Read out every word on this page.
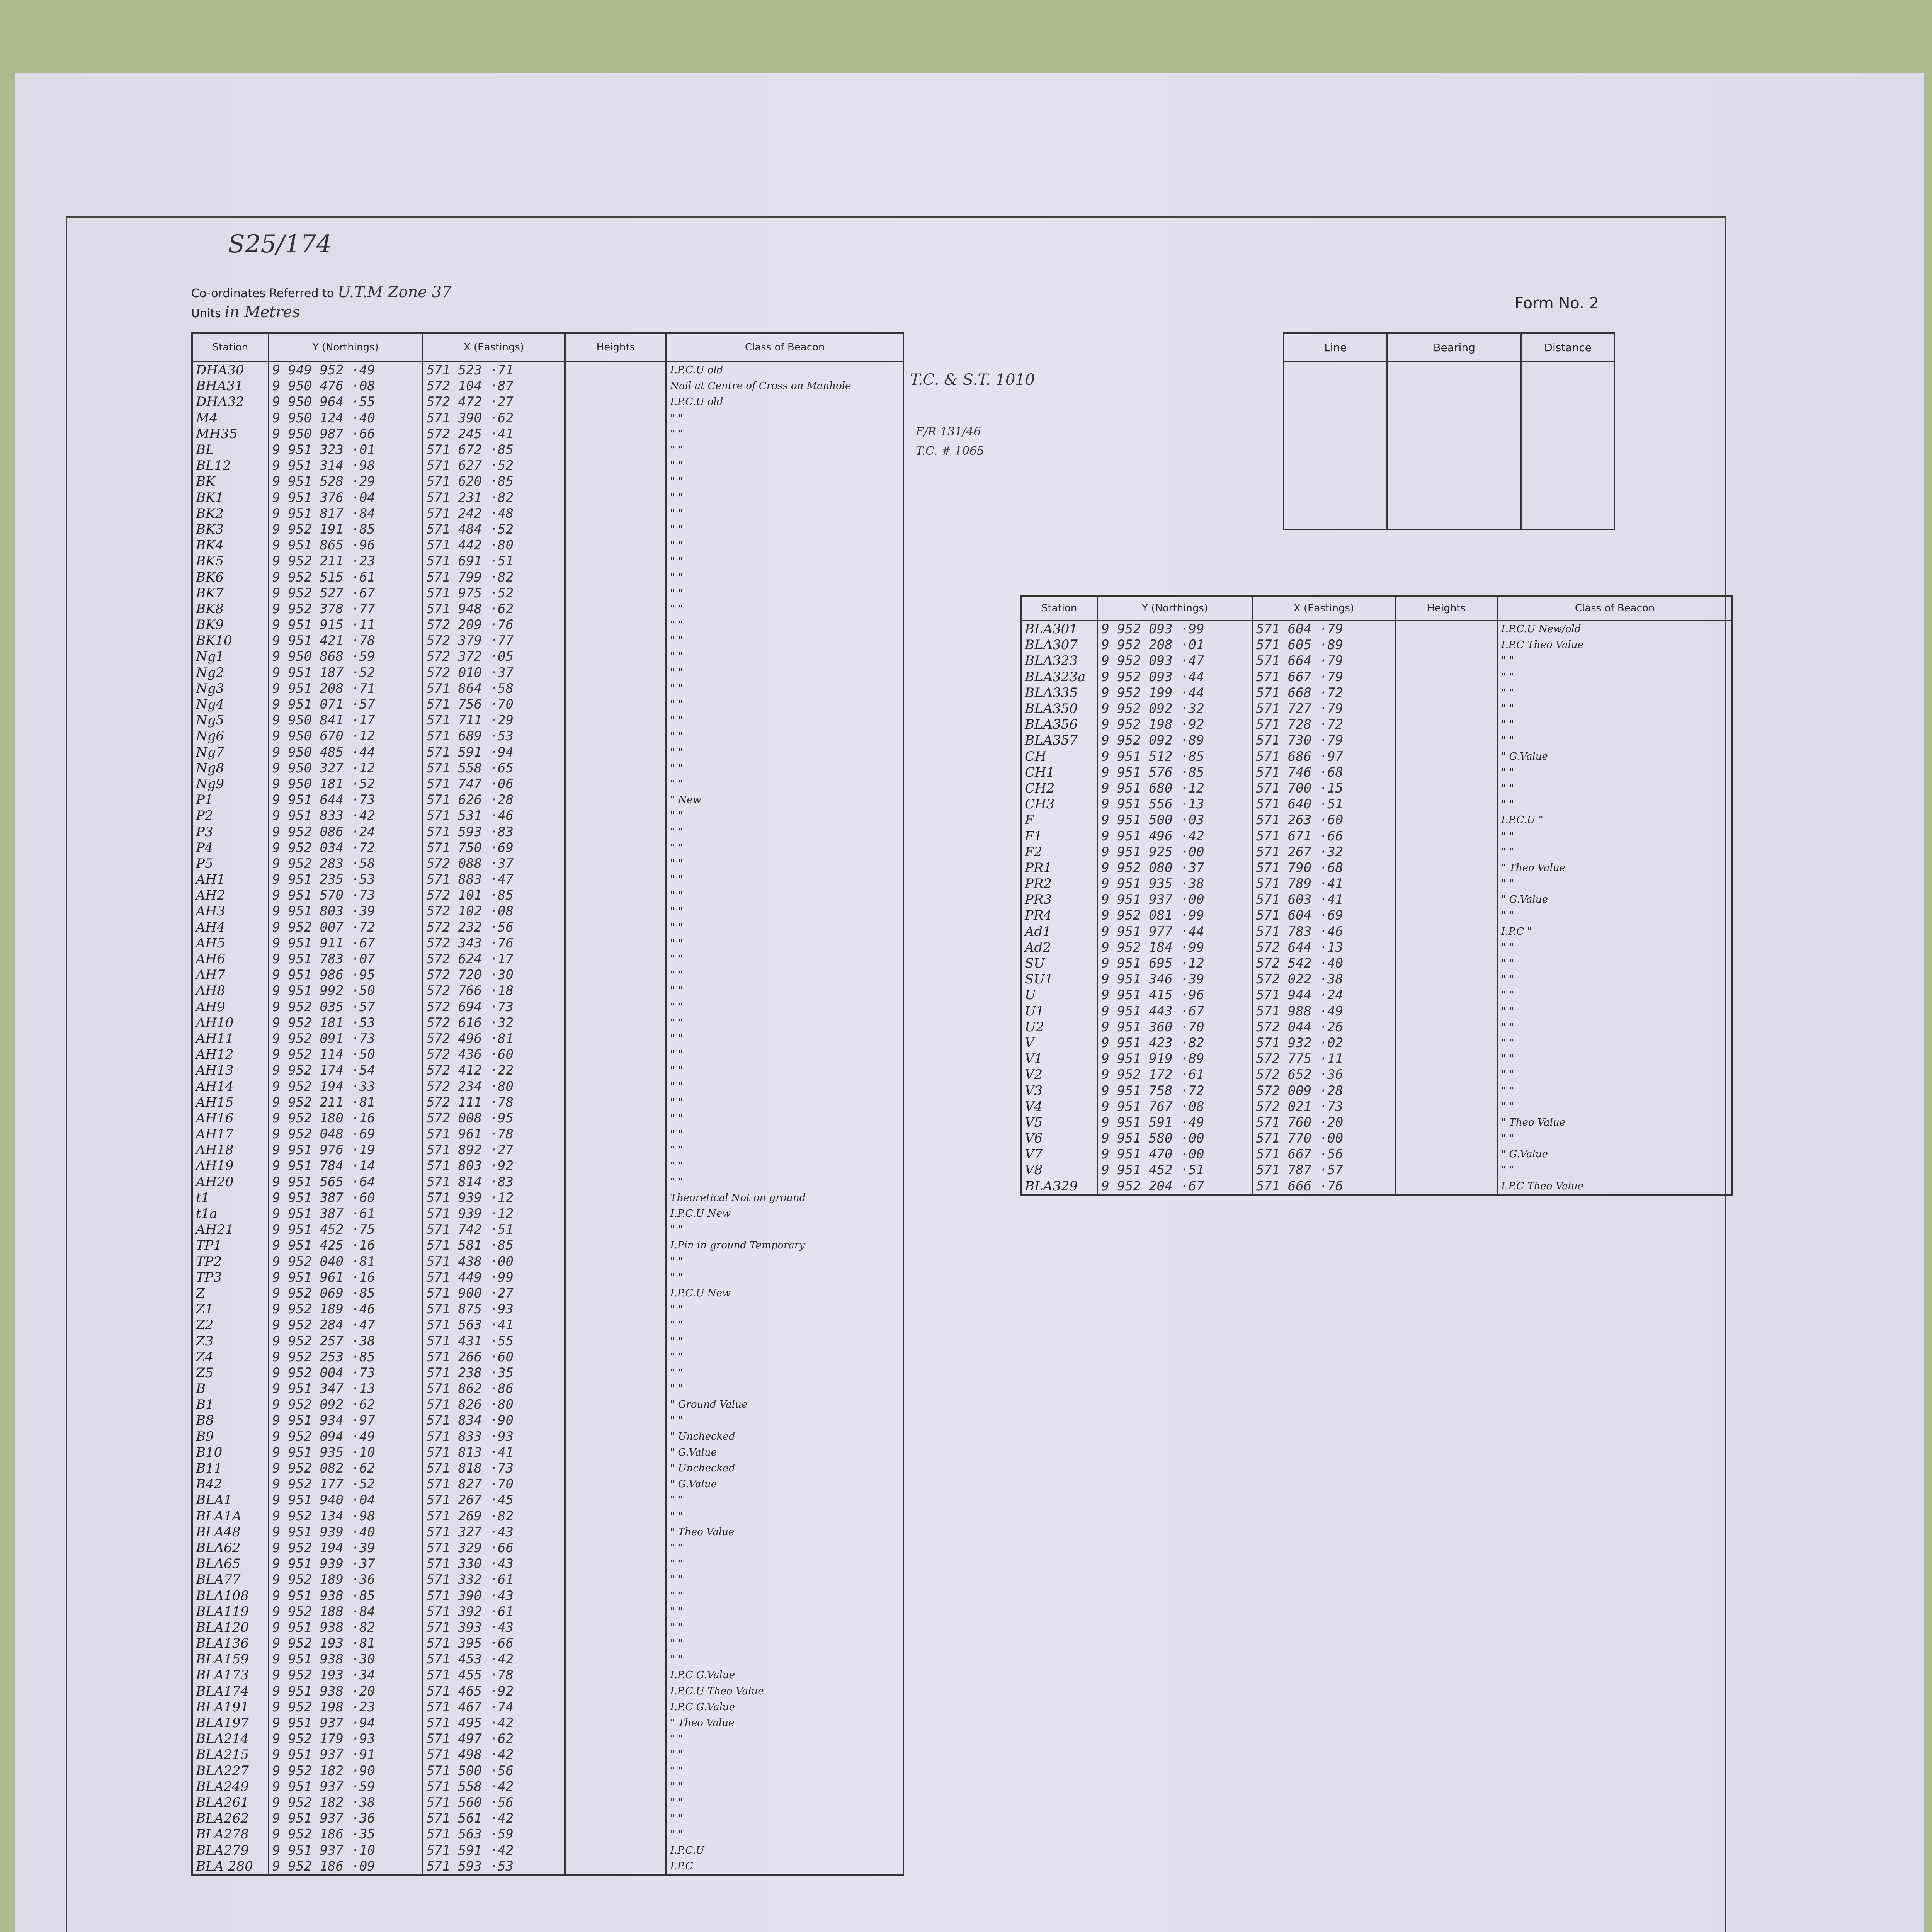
S25/174
Co-ordinates Referred to U.T.M Zone 37
Units in Metres	Form No. 2
Station	Y (Northings)	X (Eastings)	Heights	Class of Beacon
DHA30	9 949 952 ·49	571 523 ·71		I.P.C.U old
BHA31	9 950 476 ·08	572 104 ·87		Nail at Centre of Cross on Manhole
DHA32	9 950 964 ·55	572 472 ·27		I.P.C.U old
M4	9 950 124 ·40	571 390 ·62		" "
MH35	9 950 987 ·66	572 245 ·41		" "
BL	9 951 323 ·01	571 672 ·85		" "
BL12	9 951 314 ·98	571 627 ·52		" "
BK	9 951 528 ·29	571 620 ·85		" "
BK1	9 951 376 ·04	571 231 ·82		" "
BK2	9 951 817 ·84	571 242 ·48		" "
BK3	9 952 191 ·85	571 484 ·52		" "
BK4	9 951 865 ·96	571 442 ·80		" "
BK5	9 952 211 ·23	571 691 ·51		" "
BK6	9 952 515 ·61	571 799 ·82		" "
BK7	9 952 527 ·67	571 975 ·52		" "
BK8	9 952 378 ·77	571 948 ·62		" "
BK9	9 951 915 ·11	572 209 ·76		" "
BK10	9 951 421 ·78	572 379 ·77		" "
Ng1	9 950 868 ·59	572 372 ·05		" "
Ng2	9 951 187 ·52	572 010 ·37		" "
Ng3	9 951 208 ·71	571 864 ·58		" "
Ng4	9 951 071 ·57	571 756 ·70		" "
Ng5	9 950 841 ·17	571 711 ·29		" "
Ng6	9 950 670 ·12	571 689 ·53		" "
Ng7	9 950 485 ·44	571 591 ·94		" "
Ng8	9 950 327 ·12	571 558 ·65		" "
Ng9	9 950 181 ·52	571 747 ·06		" "
P1	9 951 644 ·73	571 626 ·28		" New
P2	9 951 833 ·42	571 531 ·46		" "
P3	9 952 086 ·24	571 593 ·83		" "
P4	9 952 034 ·72	571 750 ·69		" "
P5	9 952 283 ·58	572 088 ·37		" "
AH1	9 951 235 ·53	571 883 ·47		" "
AH2	9 951 570 ·73	572 101 ·85		" "
AH3	9 951 803 ·39	572 102 ·08		" "
AH4	9 952 007 ·72	572 232 ·56		" "
AH5	9 951 911 ·67	572 343 ·76		" "
AH6	9 951 783 ·07	572 624 ·17		" "
AH7	9 951 986 ·95	572 720 ·30		" "
AH8	9 951 992 ·50	572 766 ·18		" "
AH9	9 952 035 ·57	572 694 ·73		" "
AH10	9 952 181 ·53	572 616 ·32		" "
AH11	9 952 091 ·73	572 496 ·81		" "
AH12	9 952 114 ·50	572 436 ·60		" "
AH13	9 952 174 ·54	572 412 ·22		" "
AH14	9 952 194 ·33	572 234 ·80		" "
AH15	9 952 211 ·81	572 111 ·78		" "
AH16	9 952 180 ·16	572 008 ·95		" "
AH17	9 952 048 ·69	571 961 ·78		" "
AH18	9 951 976 ·19	571 892 ·27		" "
AH19	9 951 784 ·14	571 803 ·92		" "
AH20	9 951 565 ·64	571 814 ·83		" "
t1	9 951 387 ·60	571 939 ·12		Theoretical Not on ground
t1a	9 951 387 ·61	571 939 ·12		I.P.C.U New
AH21	9 951 452 ·75	571 742 ·51		" "
TP1	9 951 425 ·16	571 581 ·85		I.Pin in ground Temporary
TP2	9 952 040 ·81	571 438 ·00		" "
TP3	9 951 961 ·16	571 449 ·99		" "
Z	9 952 069 ·85	571 900 ·27		I.P.C.U New
Z1	9 952 189 ·46	571 875 ·93		" "
Z2	9 952 284 ·47	571 563 ·41		" "
Z3	9 952 257 ·38	571 431 ·55		" "
Z4	9 952 253 ·85	571 266 ·60		" "
Z5	9 952 004 ·73	571 238 ·35		" "
B	9 951 347 ·13	571 862 ·86		" "
B1	9 952 092 ·62	571 826 ·80		" Ground Value
B8	9 951 934 ·97	571 834 ·90		" "
B9	9 952 094 ·49	571 833 ·93		" Unchecked
B10	9 951 935 ·10	571 813 ·41		" G.Value
B11	9 952 082 ·62	571 818 ·73		" Unchecked
B42	9 952 177 ·52	571 827 ·70		" G.Value
BLA1	9 951 940 ·04	571 267 ·45		" "
BLA1A	9 952 134 ·98	571 269 ·82		" "
BLA48	9 951 939 ·40	571 327 ·43		" Theo Value
BLA62	9 952 194 ·39	571 329 ·66		" "
BLA65	9 951 939 ·37	571 330 ·43		" "
BLA77	9 952 189 ·36	571 332 ·61		" "
BLA108	9 951 938 ·85	571 390 ·43		" "
BLA119	9 952 188 ·84	571 392 ·61		" "
BLA120	9 951 938 ·82	571 393 ·43		" "
BLA136	9 952 193 ·81	571 395 ·66		" "
BLA159	9 951 938 ·30	571 453 ·42		" "
BLA173	9 952 193 ·34	571 455 ·78		I.P.C G.Value
BLA174	9 951 938 ·20	571 465 ·92		I.P.C.U Theo Value
BLA191	9 952 198 ·23	571 467 ·74		I.P.C G.Value
BLA197	9 951 937 ·94	571 495 ·42		" Theo Value
BLA214	9 952 179 ·93	571 497 ·62		" "
BLA215	9 951 937 ·91	571 498 ·42		" "
BLA227	9 952 182 ·90	571 500 ·56		" "
BLA249	9 951 937 ·59	571 558 ·42		" "
BLA261	9 952 182 ·38	571 560 ·56		" "
BLA262	9 951 937 ·36	571 561 ·42		" "
BLA278	9 952 186 ·35	571 563 ·59		" "
BLA279	9 951 937 ·10	571 591 ·42		I.P.C.U
BLA 280	9 952 186 ·09	571 593 ·53		I.P.C
T.C. & S.T. 1010
F/R 131/46
T.C. # 1065
Line	Bearing	Distance

Station	Y (Northings)	X (Eastings)	Heights	Class of Beacon
BLA301	9 952 093 ·99	571 604 ·79		I.P.C.U New/old
BLA307	9 952 208 ·01	571 605 ·89		I.P.C Theo Value
BLA323	9 952 093 ·47	571 664 ·79		" "
BLA323a	9 952 093 ·44	571 667 ·79		" "
BLA335	9 952 199 ·44	571 668 ·72		" "
BLA350	9 952 092 ·32	571 727 ·79		" "
BLA356	9 952 198 ·92	571 728 ·72		" "
BLA357	9 952 092 ·89	571 730 ·79		" "
CH	9 951 512 ·85	571 686 ·97		" G.Value
CH1	9 951 576 ·85	571 746 ·68		" "
CH2	9 951 680 ·12	571 700 ·15		" "
CH3	9 951 556 ·13	571 640 ·51		" "
F	9 951 500 ·03	571 263 ·60		I.P.C.U "
F1	9 951 496 ·42	571 671 ·66		" "
F2	9 951 925 ·00	571 267 ·32		" "
PR1	9 952 080 ·37	571 790 ·68		" Theo Value
PR2	9 951 935 ·38	571 789 ·41		" "
PR3	9 951 937 ·00	571 603 ·41		" G.Value
PR4	9 952 081 ·99	571 604 ·69		" "
Ad1	9 951 977 ·44	571 783 ·46		I.P.C "
Ad2	9 952 184 ·99	572 644 ·13		" "
SU	9 951 695 ·12	572 542 ·40		" "
SU1	9 951 346 ·39	572 022 ·38		" "
U	9 951 415 ·96	571 944 ·24		" "
U1	9 951 443 ·67	571 988 ·49		" "
U2	9 951 360 ·70	572 044 ·26		" "
V	9 951 423 ·82	571 932 ·02		" "
V1	9 951 919 ·89	572 775 ·11		" "
V2	9 952 172 ·61	572 652 ·36		" "
V3	9 951 758 ·72	572 009 ·28		" "
V4	9 951 767 ·08	572 021 ·73		" "
V5	9 951 591 ·49	571 760 ·20		" Theo Value
V6	9 951 580 ·00	571 770 ·00		" "
V7	9 951 470 ·00	571 667 ·56		" G.Value
V8	9 951 452 ·51	571 787 ·57		" "
BLA329	9 952 204 ·67	571 666 ·76		I.P.C Theo Value
